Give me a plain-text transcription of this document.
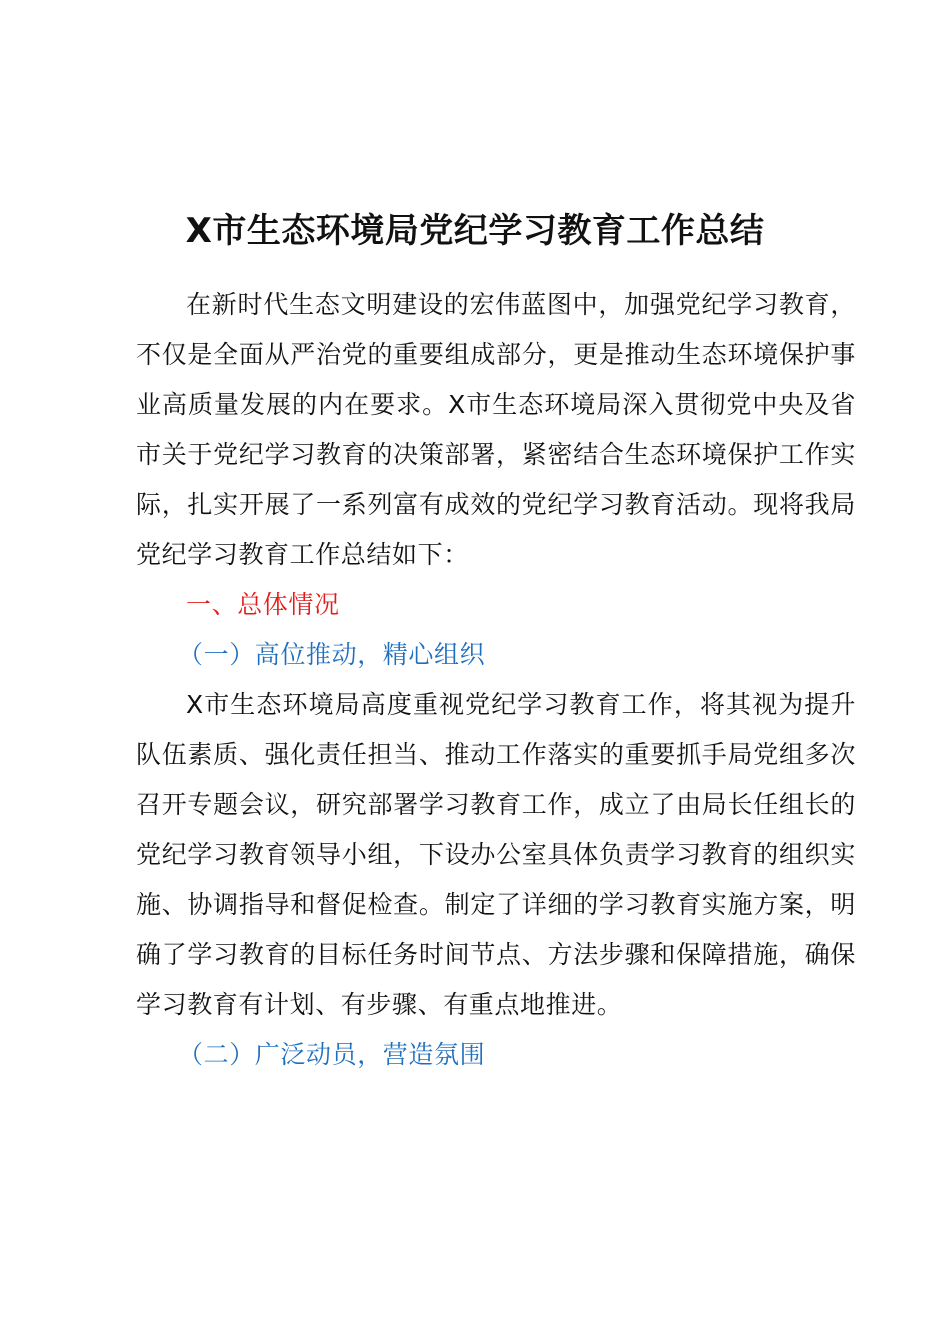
X市生态环境局党纪学习教育工作总结

在新时代生态文明建设的宏伟蓝图中，加强党纪学习教育，不仅是全面从严治党的重要组成部分，更是推动生态环境保护事业高质量发展的内在要求。X市生态环境局深入贯彻党中央及省市关于党纪学习教育的决策部署，紧密结合生态环境保护工作实际，扎实开展了一系列富有成效的党纪学习教育活动。现将我局党纪学习教育工作总结如下：

一、总体情况

（一）高位推动，精心组织

X市生态环境局高度重视党纪学习教育工作，将其视为提升队伍素质、强化责任担当、推动工作落实的重要抓手局党组多次召开专题会议，研究部署学习教育工作，成立了由局长任组长的党纪学习教育领导小组，下设办公室具体负责学习教育的组织实施、协调指导和督促检查。制定了详细的学习教育实施方案，明确了学习教育的目标任务时间节点、方法步骤和保障措施，确保学习教育有计划、有步骤、有重点地推进。

（二）广泛动员，营造氛围
